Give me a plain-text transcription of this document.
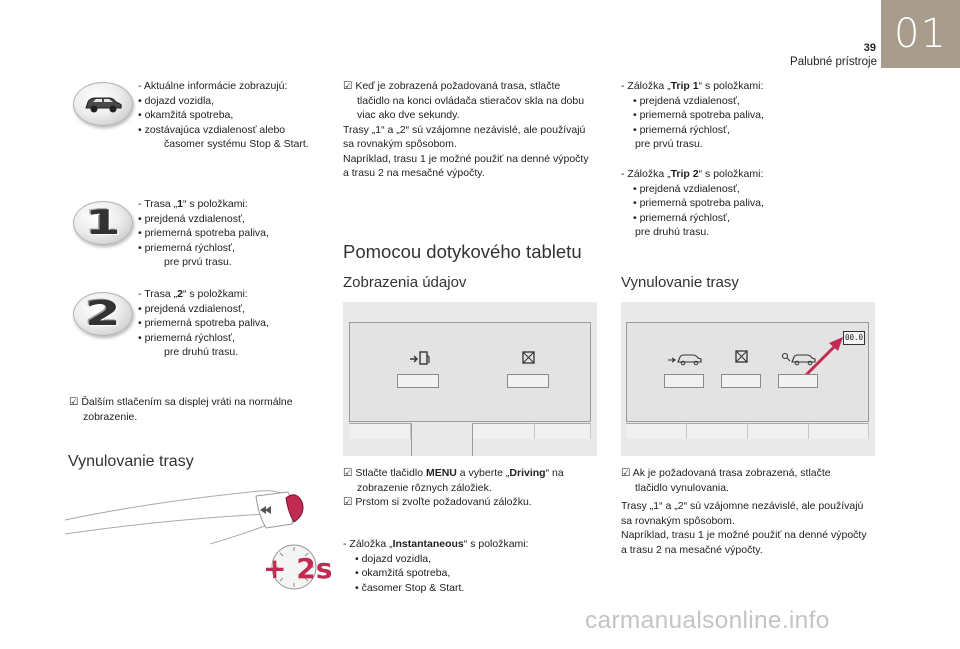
01
39
Palubné prístroje

- Aktuálne informácie zobrazujú:

• dojazd vozidla,

• okamžitá spotreba,

• zostávajúca vzdialenosť alebo

časomer systému Stop & Start.

1 - Trasa „1“ s položkami:

• prejdená vzdialenosť,

• priemerná spotreba paliva,

• priemerná rýchlosť,

pre prvú trasu.

2 - Trasa „2“ s položkami:

• prejdená vzdialenosť,

• priemerná spotreba paliva,

• priemerná rýchlosť,

pre druhú trasu.

☑ Ďalším stlačením sa displej vráti na normálne

zobrazenie.

Vynulovanie trasy
+ 2s

☑ Keď je zobrazená požadovaná trasa, stlačte

tlačidlo na konci ovládača stieračov skla na dobu

viac ako dve sekundy.

Trasy „1“ a „2“ sú vzájomne nezávislé, ale používajú

sa rovnakým spôsobom.

Napríklad, trasu 1 je možné použiť na denné výpočty

a trasu 2 na mesačné výpočty.

Pomocou dotykového tabletu
Zobrazenia údajov

☑ Stlačte tlačidlo MENU a vyberte „Driving“ na

zobrazenie rôznych záložiek.

☑ Prstom si zvoľte požadovanú záložku.

- Záložka „Instantaneous“ s položkami:

• dojazd vozidla,

• okamžitá spotreba,

• časomer Stop & Start.

- Záložka „Trip 1“ s položkami:

• prejdená vzdialenosť,

• priemerná spotreba paliva,

• priemerná rýchlosť,

pre prvú trasu.

- Záložka „Trip 2“ s položkami:

• prejdená vzdialenosť,

• priemerná spotreba paliva,

• priemerná rýchlosť,

pre druhú trasu.

Vynulovanie trasy
00.0

☑ Ak je požadovaná trasa zobrazená, stlačte

tlačidlo vynulovania.

Trasy „1“ a „2“ sú vzájomne nezávislé, ale používajú

sa rovnakým spôsobom.

Napríklad, trasu 1 je možné použiť na denné výpočty

a trasu 2 na mesačné výpočty.

carmanualsonline.info
